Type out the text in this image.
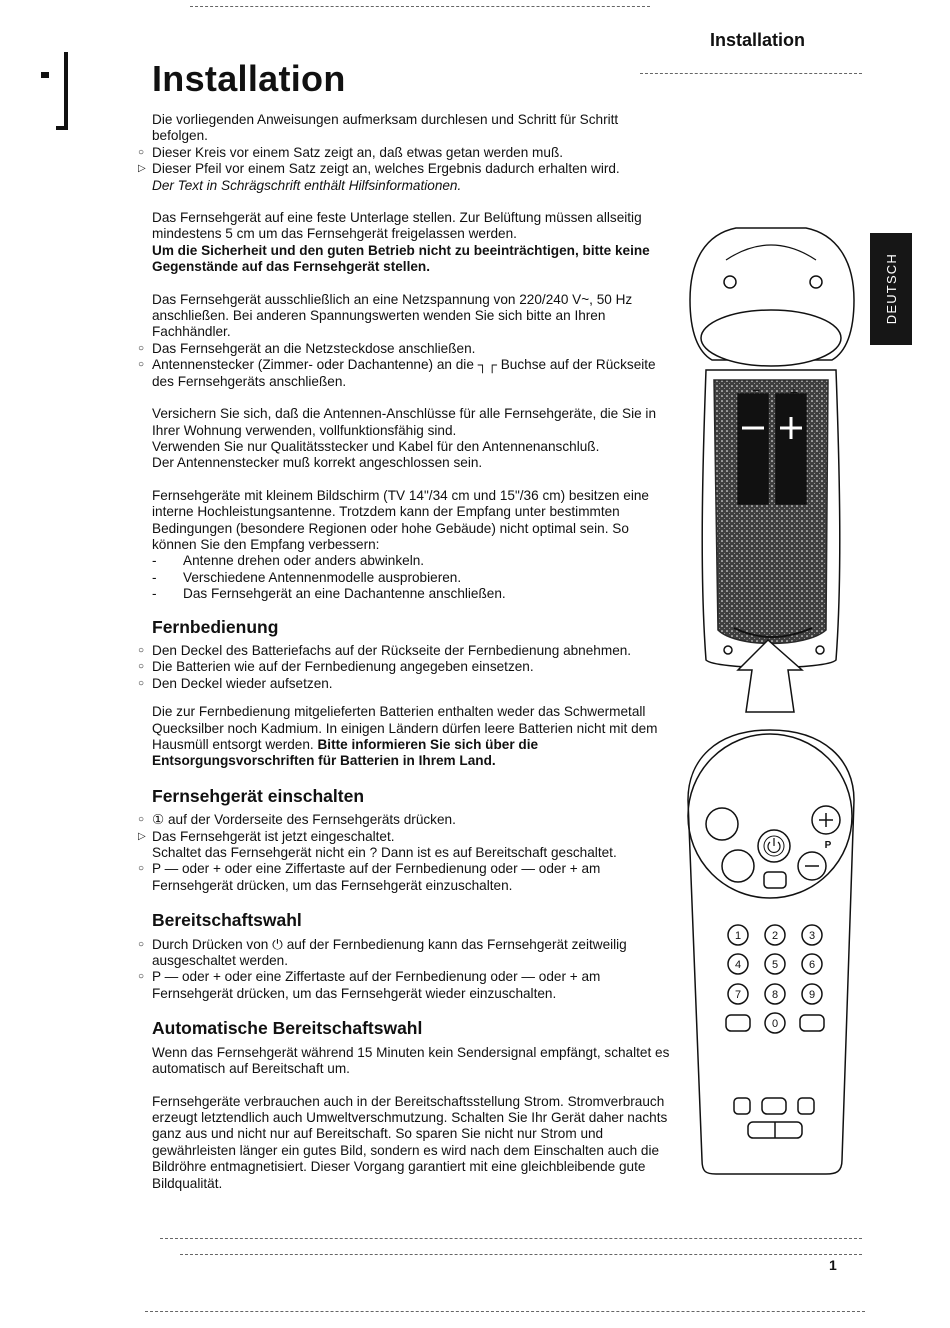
Installation
Installation
DEUTSCH

Die vorliegenden Anweisungen aufmerksam durchlesen und Schritt für Schritt befolgen.

○ Dieser Kreis vor einem Satz zeigt an, daß etwas getan werden muß.

▷ Dieser Pfeil vor einem Satz zeigt an, welches Ergebnis dadurch erhalten wird.

Der Text in Schrägschrift enthält Hilfsinformationen.

Das Fernsehgerät auf eine feste Unterlage stellen. Zur Belüftung müssen allseitig mindestens 5 cm um das Fernsehgerät freigelassen werden.

Um die Sicherheit und den guten Betrieb nicht zu beeinträchtigen, bitte keine Gegenstände auf das Fernsehgerät stellen.

Das Fernsehgerät ausschließlich an eine Netzspannung von 220/240 V~, 50 Hz anschließen. Bei anderen Spannungswerten wenden Sie sich bitte an Ihren Fachhändler.

○ Das Fernsehgerät an die Netzsteckdose anschließen.

○ Antennenstecker (Zimmer- oder Dachantenne) an die ┐┌ Buchse auf der Rückseite des Fernsehgeräts anschließen.

Versichern Sie sich, daß die Antennen-Anschlüsse für alle Fernsehgeräte, die Sie in Ihrer Wohnung verwenden, vollfunktionsfähig sind.

Verwenden Sie nur Qualitätsstecker und Kabel für den Antennenanschluß.

Der Antennenstecker muß korrekt angeschlossen sein.

Fernsehgeräte mit kleinem Bildschirm (TV 14"/34 cm und 15"/36 cm) besitzen eine interne Hochleistungsantenne. Trotzdem kann der Empfang unter bestimmten Bedingungen (besondere Regionen oder hohe Gebäude) nicht optimal sein. So können Sie den Empfang verbessern:

- Antenne drehen oder anders abwinkeln.

- Verschiedene Antennenmodelle ausprobieren.

- Das Fernsehgerät an eine Dachantenne anschließen.

Fernbedienung

○ Den Deckel des Batteriefachs auf der Rückseite der Fernbedienung abnehmen.

○ Die Batterien wie auf der Fernbedienung angegeben einsetzen.

○ Den Deckel wieder aufsetzen.

Die zur Fernbedienung mitgelieferten Batterien enthalten weder das Schwermetall Quecksilber noch Kadmium. In einigen Ländern dürfen leere Batterien nicht mit dem Hausmüll entsorgt werden. Bitte informieren Sie sich über die Entsorgungsvorschriften für Batterien in Ihrem Land.

Fernsehgerät einschalten

○ ① auf der Vorderseite des Fernsehgeräts drücken.

▷ Das Fernsehgerät ist jetzt eingeschaltet.

Schaltet das Fernsehgerät nicht ein ? Dann ist es auf Bereitschaft geschaltet.

○ P — oder + oder eine Ziffertaste auf der Fernbedienung oder — oder + am Fernsehgerät drücken, um das Fernsehgerät einzuschalten.

Bereitschaftswahl

○ Durch Drücken von ⏻ auf der Fernbedienung kann das Fernsehgerät zeitweilig ausgeschaltet werden.

○ P — oder + oder eine Ziffertaste auf der Fernbedienung oder — oder + am Fernsehgerät drücken, um das Fernsehgerät wieder einzuschalten.

Automatische Bereitschaftswahl

Wenn das Fernsehgerät während 15 Minuten kein Sendersignal empfängt, schaltet es automatisch auf Bereitschaft um.

Fernsehgeräte verbrauchen auch in der Bereitschaftsstellung Strom. Stromverbrauch erzeugt letztendlich auch Umweltverschmutzung. Schalten Sie Ihr Gerät daher nachts ganz aus und nicht nur auf Bereitschaft. So sparen Sie nicht nur Strom und gewährleisten länger ein gutes Bild, sondern es wird nach dem Einschalten auch die Bildröhre entmagnetisiert. Dieser Vorgang garantiert mit eine gleichbleibende gute Bildqualität.

− +
P
1	2	3
4	5	6
7	8	9
0
1
